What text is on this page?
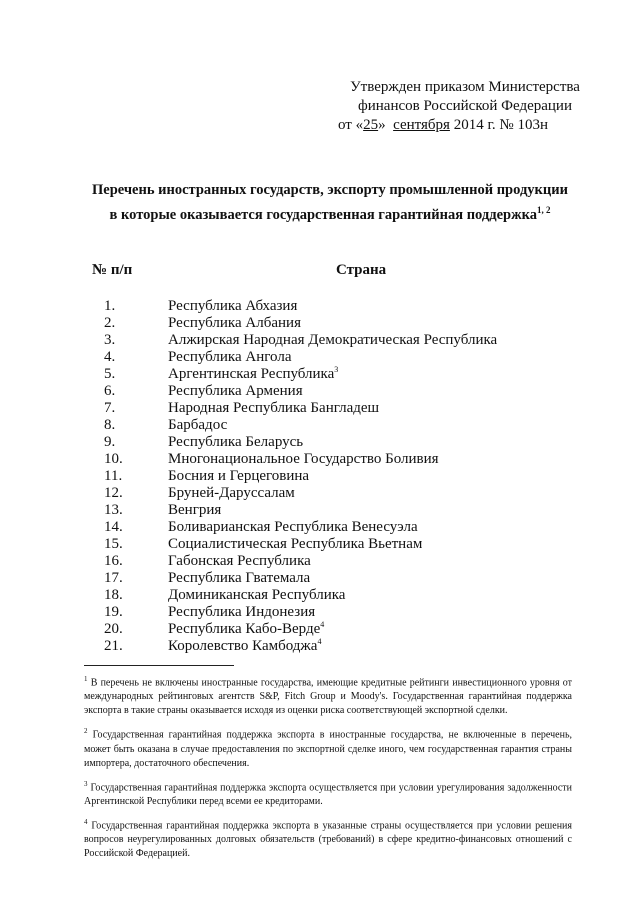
Утвержден приказом Министерства
финансов Российской Федерации
от «25» сентября 2014 г. № 103н
Перечень иностранных государств, экспорту промышленной продукции
в которые оказывается государственная гарантийная поддержка$^{1, 2}$
№ п/п	Страна
1.	Республика Абхазия
2.	Республика Албания
3.	Алжирская Народная Демократическая Республика
4.	Республика Ангола
5.	Аргентинская Республика$^3$
6.	Республика Армения
7.	Народная Республика Бангладеш
8.	Барбадос
9.	Республика Беларусь
10.	Многонациональное Государство Боливия
11.	Босния и Герцеговина
12.	Бруней-Даруссалам
13.	Венгрия
14.	Боливарианская Республика Венесуэла
15.	Социалистическая Республика Вьетнам
16.	Габонская Республика
17.	Республика Гватемала
18.	Доминиканская Республика
19.	Республика Индонезия
20.	Республика Кабо-Верде$^4$
21.	Королевство Камбоджа$^4$

$^1$ В перечень не включены иностранные государства, имеющие кредитные рейтинги инвестиционного уровня от международных рейтинговых агентств S&P, Fitch Group и Moody's. Государственная гарантийная поддержка экспорта в такие страны оказывается исходя из оценки риска соответствующей экспортной сделки.

$^2$ Государственная гарантийная поддержка экспорта в иностранные государства, не включенные в перечень, может быть оказана в случае предоставления по экспортной сделке иного, чем государственная гарантия страны импортера, достаточного обеспечения.

$^3$ Государственная гарантийная поддержка экспорта осуществляется при условии урегулирования задолженности Аргентинской Республики перед всеми ее кредиторами.

$^4$ Государственная гарантийная поддержка экспорта в указанные страны осуществляется при условии решения вопросов неурегулированных долговых обязательств (требований) в сфере кредитно-финансовых отношений с Российской Федерацией.
